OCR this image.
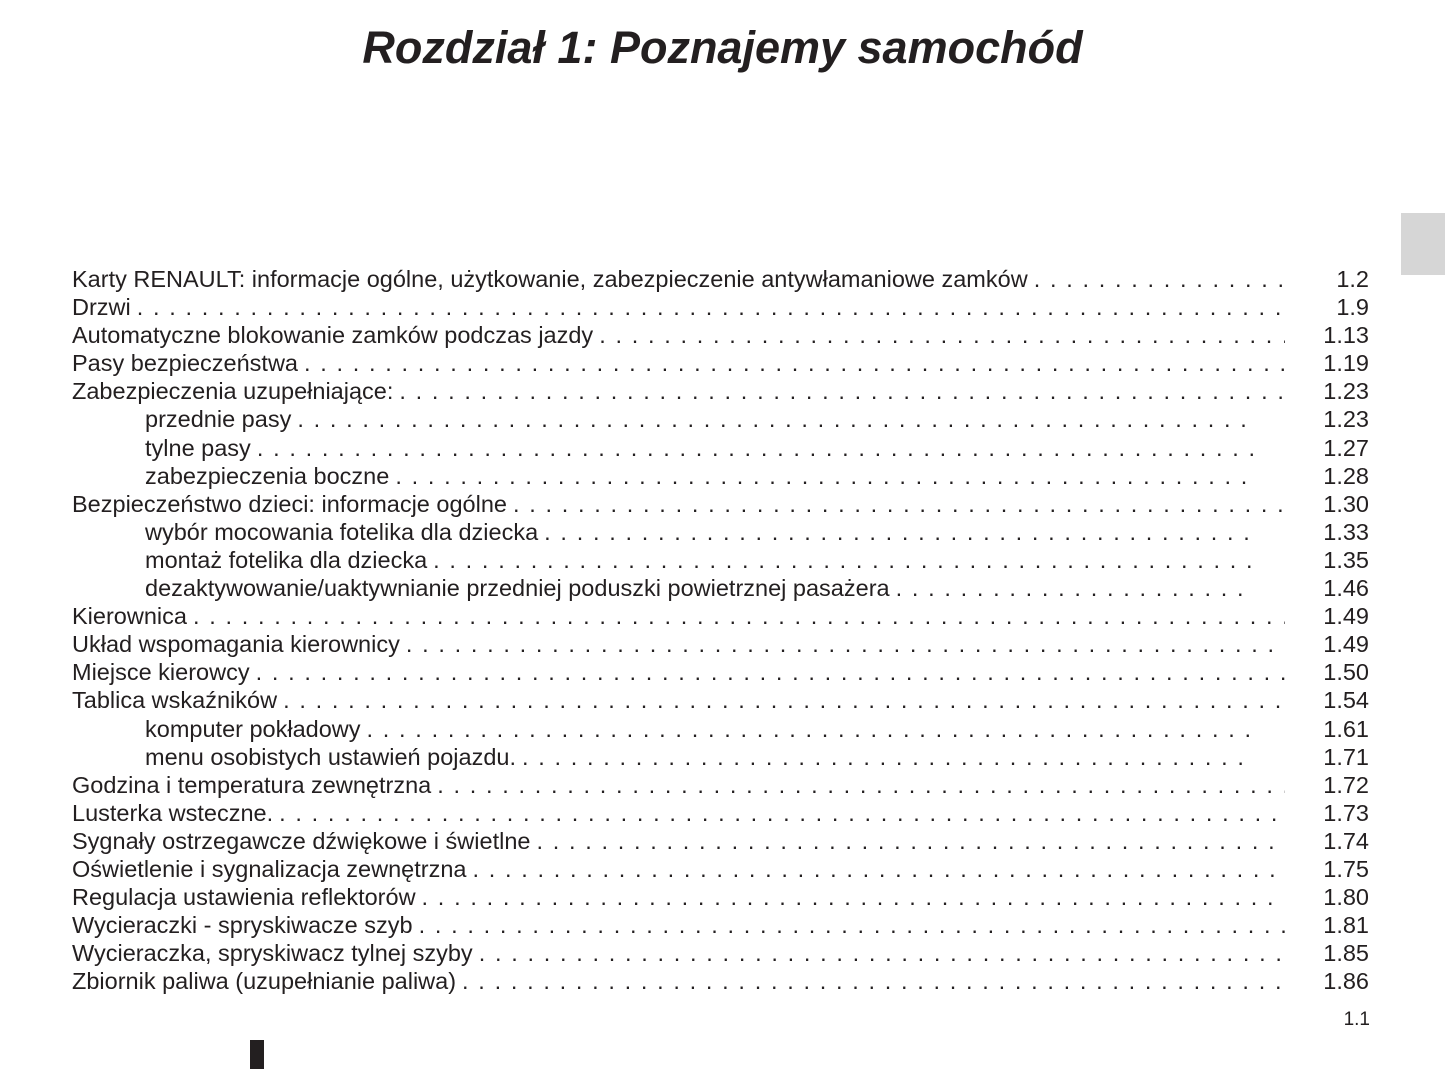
Rozdział 1: Poznajemy samochód
Karty RENAULT: informacje ogólne, użytkowanie, zabezpieczenie antywłamaniowe zamków . . .	1.2
Drzwi . . .	1.9
Automatyczne blokowanie zamków podczas jazdy . . .	1.13
Pasy bezpieczeństwa . . .	1.19
Zabezpieczenia uzupełniające: . . .	1.23
przednie pasy . . .	1.23
tylne pasy . . .	1.27
zabezpieczenia boczne . . .	1.28
Bezpieczeństwo dzieci: informacje ogólne . . .	1.30
wybór mocowania fotelika dla dziecka . . .	1.33
montaż fotelika dla dziecka . . .	1.35
dezaktywowanie/uaktywnianie przedniej poduszki powietrznej pasażera . . .	1.46
Kierownica . . .	1.49
Układ wspomagania kierownicy . . .	1.49
Miejsce kierowcy . . .	1.50
Tablica wskaźników . . .	1.54
komputer pokładowy . . .	1.61
menu osobistych ustawień pojazdu. . . .	1.71
Godzina i temperatura zewnętrzna . . .	1.72
Lusterka wsteczne. . . .	1.73
Sygnały ostrzegawcze dźwiękowe i świetlne . . .	1.74
Oświetlenie i sygnalizacja zewnętrzna . . .	1.75
Regulacja ustawienia reflektorów . . .	1.80
Wycieraczki - spryskiwacze szyb . . .	1.81
Wycieraczka, spryskiwacz tylnej szyby . . .	1.85
Zbiornik paliwa (uzupełnianie paliwa) . . .	1.86
1.1
